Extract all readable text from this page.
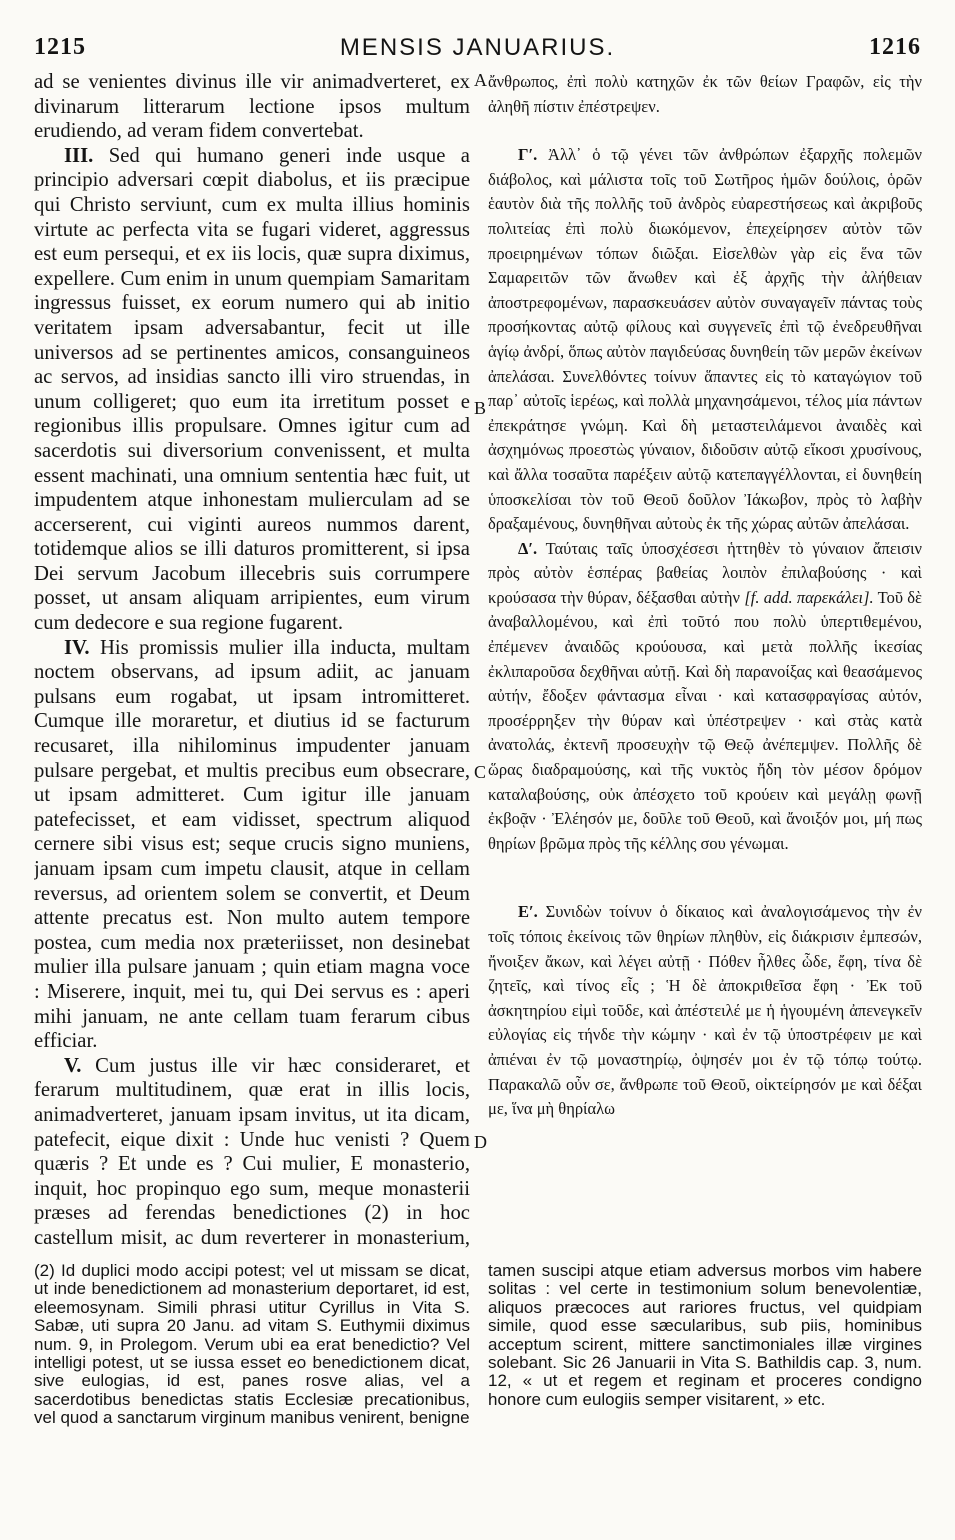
1215	MENSIS JANUARIUS.	1216
A
B
C
D

ad se venientes divinus ille vir animadverteret, ex divinarum litterarum lectione ipsos multum erudiendo, ad veram fidem convertebat.

III. Sed qui humano generi inde usque a principio adversari cœpit diabolus, et iis præcipue qui Christo serviunt, cum ex multa illius hominis virtute ac perfecta vita se fugari videret, aggressus est eum persequi, et ex iis locis, quæ supra diximus, expellere. Cum enim in unum quempiam Samaritam ingressus fuisset, ex eorum numero qui ab initio veritatem ipsam adversabantur, fecit ut ille universos ad se pertinentes amicos, consanguineos ac servos, ad insidias sancto illi viro struendas, in unum colligeret; quo eum ita irretitum posset e regionibus illis propulsare. Omnes igitur cum ad sacerdotis sui diversorium convenissent, et multa essent machinati, una omnium sententia hæc fuit, ut impudentem atque inhonestam mulierculam ad se accerserent, cui viginti aureos nummos darent, totidemque alios se illi daturos promitterent, si ipsa Dei servum Jacobum illecebris suis corrumpere posset, ut ansam aliquam arripientes, eum virum cum dedecore e sua regione fugarent.

IV. His promissis mulier illa inducta, multam noctem observans, ad ipsum adiit, ac januam pulsans eum rogabat, ut ipsam intromitteret. Cumque ille moraretur, et diutius id se facturum recusaret, illa nihilominus impudenter januam pulsare pergebat, et multis precibus eum obsecrare, ut ipsam admitteret. Cum igitur ille januam patefecisset, et eam vidisset, spectrum aliquod cernere sibi visus est; seque crucis signo muniens, januam ipsam cum impetu clausit, atque in cellam reversus, ad orientem solem se convertit, et Deum attente precatus est. Non multo autem tempore postea, cum media nox præteriisset, non desinebat mulier illa pulsare januam ; quin etiam magna voce : Miserere, inquit, mei tu, qui Dei servus es : aperi mihi januam, ne ante cellam tuam ferarum cibus efficiar.

V. Cum justus ille vir hæc consideraret, et ferarum multitudinem, quæ erat in illis locis, animadverteret, januam ipsam invitus, ut ita dicam, patefecit, eique dixit : Unde huc venisti ? Quem quæris ? Et unde es ? Cui mulier, E monasterio, inquit, hoc propinquo ego sum, meque monasterii præses ad ferendas benedictiones (2) in hoc castellum misit, ac dum reverterer in monasterium,

ἄνθρωπος, ἐπὶ πολὺ κατηχῶν ἐκ τῶν θείων Γραφῶν, εἰς τὴν ἀληθῆ πίστιν ἐπέστρεψεν.

Γʹ. Ἀλλ᾽ ὁ τῷ γένει τῶν ἀνθρώπων ἐξαρχῆς πολεμῶν διάβολος, καὶ μάλιστα τοῖς τοῦ Σωτῆρος ἡμῶν δούλοις, ὁρῶν ἑαυτὸν διὰ τῆς πολλῆς τοῦ ἀνδρὸς εὐαρεστήσεως καὶ ἀκριβοῦς πολιτείας ἐπὶ πολὺ διωκόμενον, ἐπεχείρησεν αὐτὸν τῶν προειρημένων τόπων διῶξαι. Εἰσελθὼν γὰρ εἰς ἕνα τῶν Σαμαρειτῶν τῶν ἄνωθεν καὶ ἐξ ἀρχῆς τὴν ἀλήθειαν ἀποστρεφομένων, παρασκευάσεν αὐτὸν συναγαγεῖν πάντας τοὺς προσήκοντας αὐτῷ φίλους καὶ συγγενεῖς ἐπὶ τῷ ἐνεδρευθῆναι ἁγίῳ ἀνδρί, ὅπως αὐτὸν παγιδεύσας δυνηθείη τῶν μερῶν ἐκείνων ἀπελάσαι. Συνελθόντες τοίνυν ἅπαντες εἰς τὸ καταγώγιον τοῦ παρ᾽ αὐτοῖς ἱερέως, καὶ πολλὰ μηχανησάμενοι, τέλος μία πάντων ἐπεκράτησε γνώμη. Καὶ δὴ μεταστειλάμενοι ἀναιδὲς καὶ ἀσχημόνως προεστὼς γύναιον, διδοῦσιν αὐτῷ εἴκοσι χρυσίνους, καὶ ἄλλα τοσαῦτα παρέξειν αὐτῷ κατεπαγγέλλονται, εἰ δυνηθείη ὑποσκελίσαι τὸν τοῦ Θεοῦ δοῦλον Ἰάκωβον, πρὸς τὸ λαβὴν δραξαμένους, δυνηθῆναι αὐτοὺς ἐκ τῆς χώρας αὐτῶν ἀπελάσαι.

Δʹ. Ταύταις ταῖς ὑποσχέσεσι ἡττηθὲν τὸ γύναιον ἄπεισιν πρὸς αὐτὸν ἑσπέρας βαθείας λοιπὸν ἐπιλαβούσης · καὶ κρούσασα τὴν θύραν, δέξασθαι αὐτὴν [f. add. παρεκάλει]. Τοῦ δὲ ἀναβαλλομένου, καὶ ἐπὶ τοῦτό που πολὺ ὑπερτιθεμένου, ἐπέμενεν ἀναιδῶς κρούουσα, καὶ μετὰ πολλῆς ἱκεσίας ἐκλιπαροῦσα δεχθῆναι αὐτῇ. Καὶ δὴ παρανοίξας καὶ θεασάμενος αὐτήν, ἔδοξεν φάντασμα εἶναι · καὶ κατασφραγίσας αὐτόν, προσέρρηξεν τὴν θύραν καὶ ὑπέστρεψεν · καὶ στὰς κατὰ ἀνατολάς, ἐκτενῆ προσευχὴν τῷ Θεῷ ἀνέπεμψεν. Πολλῆς δὲ ὥρας διαδραμούσης, καὶ τῆς νυκτὸς ἤδη τὸν μέσον δρόμον καταλαβούσης, οὐκ ἀπέσχετο τοῦ κρούειν καὶ μεγάλῃ φωνῇ ἐκβοᾷν · Ἐλέησόν με, δοῦλε τοῦ Θεοῦ, καὶ ἄνοιξόν μοι, μή πως θηρίων βρῶμα πρὸς τῆς κέλλης σου γένωμαι.

Εʹ. Συνιδὼν τοίνυν ὁ δίκαιος καὶ ἀναλογισάμενος τὴν ἐν τοῖς τόποις ἐκείνοις τῶν θηρίων πληθὺν, εἰς διάκρισιν ἐμπεσών, ἤνοιξεν ἄκων, καὶ λέγει αὐτῇ · Πόθεν ἦλθες ὧδε, ἔφη, τίνα δὲ ζητεῖς, καὶ τίνος εἶς ; Ἡ δὲ ἀποκριθεῖσα ἔφη · Ἐκ τοῦ ἀσκητηρίου εἰμὶ τοῦδε, καὶ ἀπέστειλέ με ἡ ἡγουμένη ἀπενεγκεῖν εὐλογίας εἰς τήνδε τὴν κώμην · καὶ ἐν τῷ ὑποστρέφειν με καὶ ἀπιέναι ἐν τῷ μοναστηρίῳ, ὀψησέν μοι ἐν τῷ τόπῳ τούτῳ. Παρακαλῶ οὖν σε, ἄνθρωπε τοῦ Θεοῦ, οἰκτείρησόν με καὶ δέξαι με, ἵνα μὴ θηρίαλω

(2) Id duplici modo accipi potest; vel ut missam se dicat, ut inde benedictionem ad monasterium deportaret, id est, eleemosynam. Simili phrasi utitur Cyrillus in Vita S. Sabæ, uti supra 20 Janu. ad vitam S. Euthymii diximus num. 9, in Prolegom. Verum ubi ea erat benedictio? Vel intelligi potest, ut se iussa esset eo benedictionem dicat, sive eulogias, id est, panes rosve alias, vel a sacerdotibus benedictas statis Ecclesiæ precationibus, vel quod a sanctarum virginum manibus venirent, benigne

tamen suscipi atque etiam adversus morbos vim habere solitas : vel certe in testimonium solum benevolentiæ, aliquos præcoces aut rariores fructus, vel quidpiam simile, quod esse sæcularibus, sub piis, hominibus acceptum scirent, mittere sanctimoniales illæ virgines solebant. Sic 26 Januarii in Vita S. Bathildis cap. 3, num. 12, « ut et regem et reginam et proceres condigno honore cum eulogiis semper visitarent, » etc.
